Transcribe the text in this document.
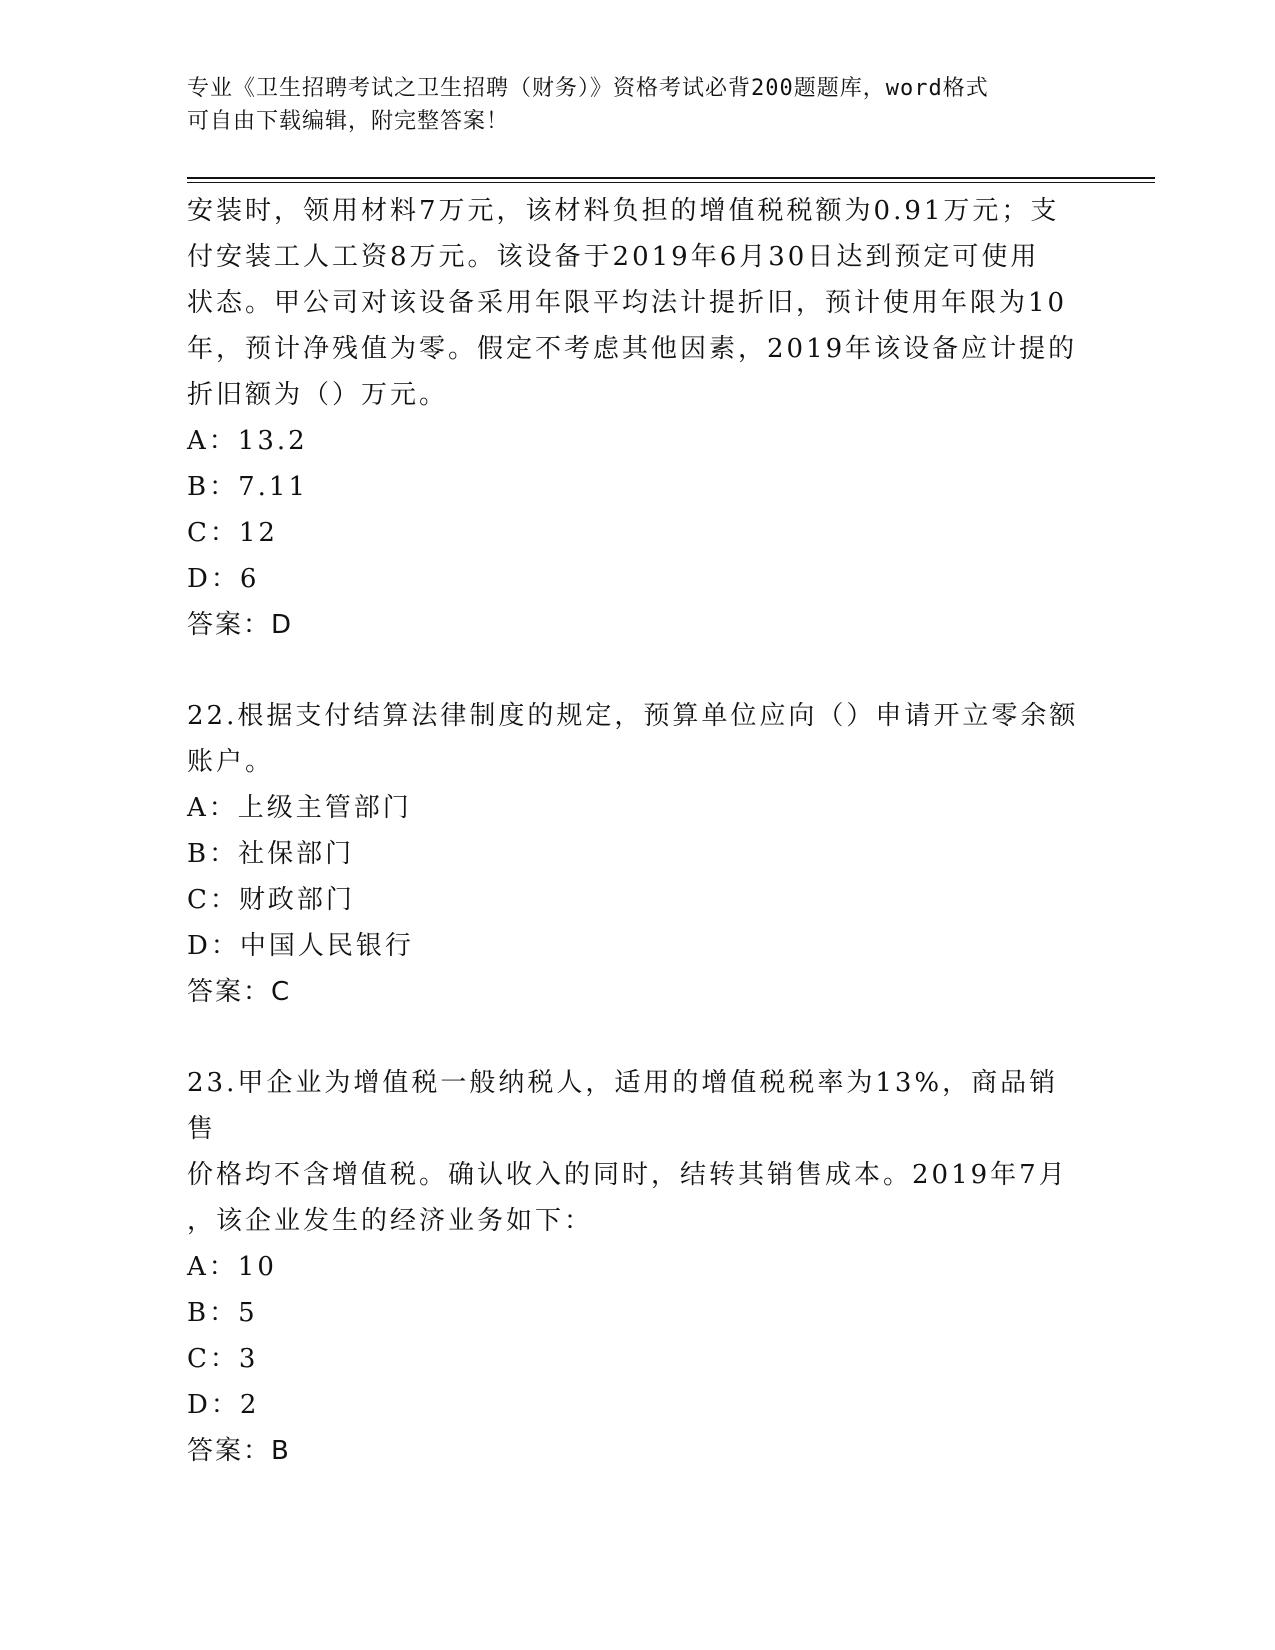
专业《卫生招聘考试之卫生招聘（财务）》资格考试必背200题题库，word格式
可自由下载编辑，附完整答案！

安装时，领用材料7万元，该材料负担的增值税税额为0.91万元；支

付安装工人工资8万元。该设备于2019年6月30日达到预定可使用

状态。甲公司对该设备采用年限平均法计提折旧，预计使用年限为10

年，预计净残值为零。假定不考虑其他因素，2019年该设备应计提的

折旧额为（）万元。

A：13.2

B：7.11

C：12

D：6

答案：D

22.根据支付结算法律制度的规定，预算单位应向（）申请开立零余额

账户。

A：上级主管部门

B：社保部门

C：财政部门

D：中国人民银行

答案：C

23.甲企业为增值税一般纳税人，适用的增值税税率为13%，商品销售

价格均不含增值税。确认收入的同时，结转其销售成本。2019年7月

，该企业发生的经济业务如下：

A：10

B：5

C：3

D：2

答案：B
